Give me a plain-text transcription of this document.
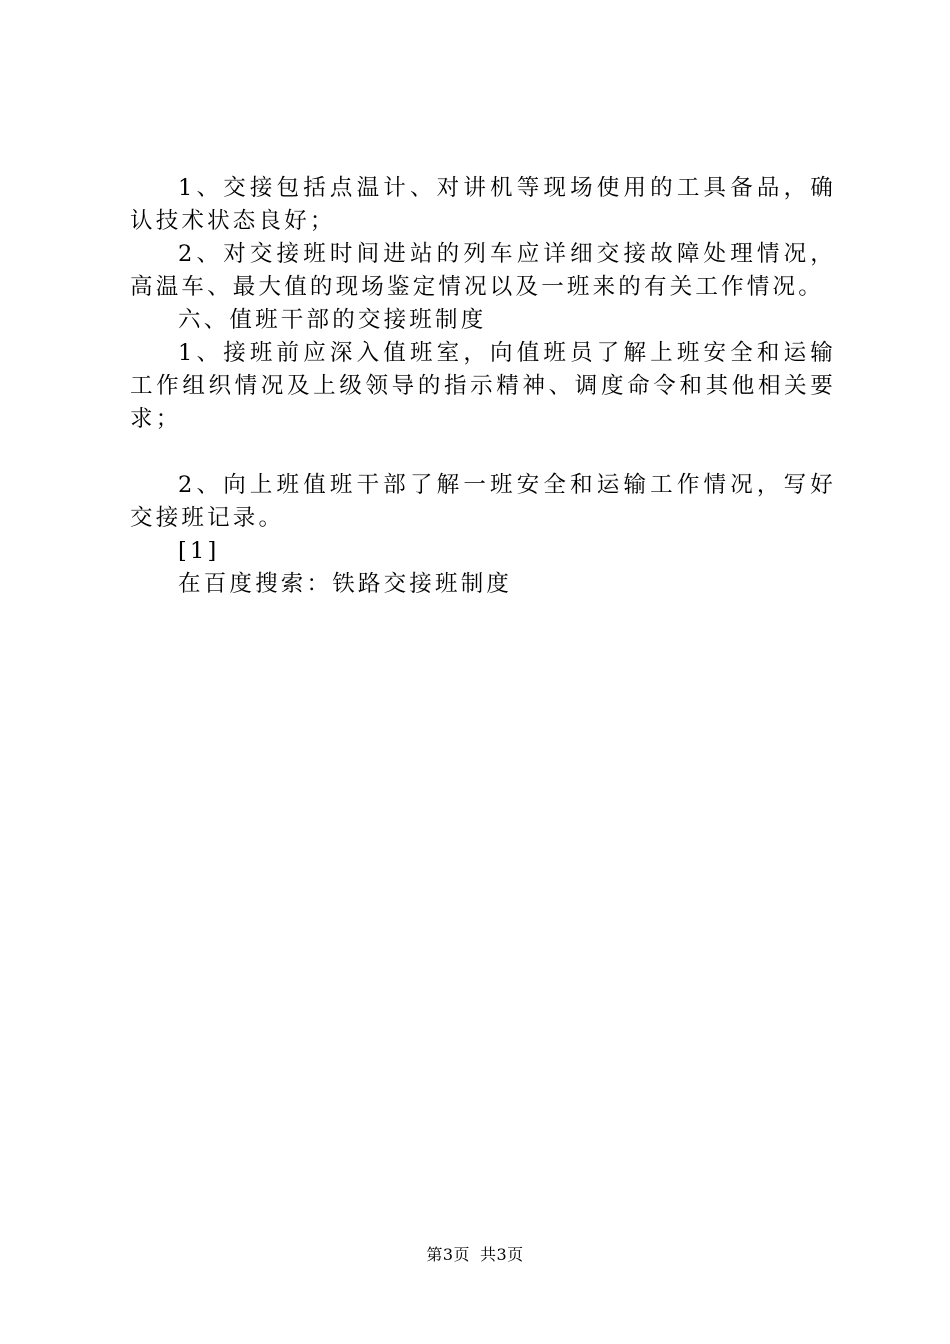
1、交接包括点温计、对讲机等现场使用的工具备品，确认技术状态良好；

2、对交接班时间进站的列车应详细交接故障处理情况，高温车、最大值的现场鉴定情况以及一班来的有关工作情况。

六、值班干部的交接班制度

1、接班前应深入值班室，向值班员了解上班安全和运输工作组织情况及上级领导的指示精神、调度命令和其他相关要求；

2、向上班值班干部了解一班安全和运输工作情况，写好交接班记录。

[1]

在百度搜索：铁路交接班制度

第3页 共3页
